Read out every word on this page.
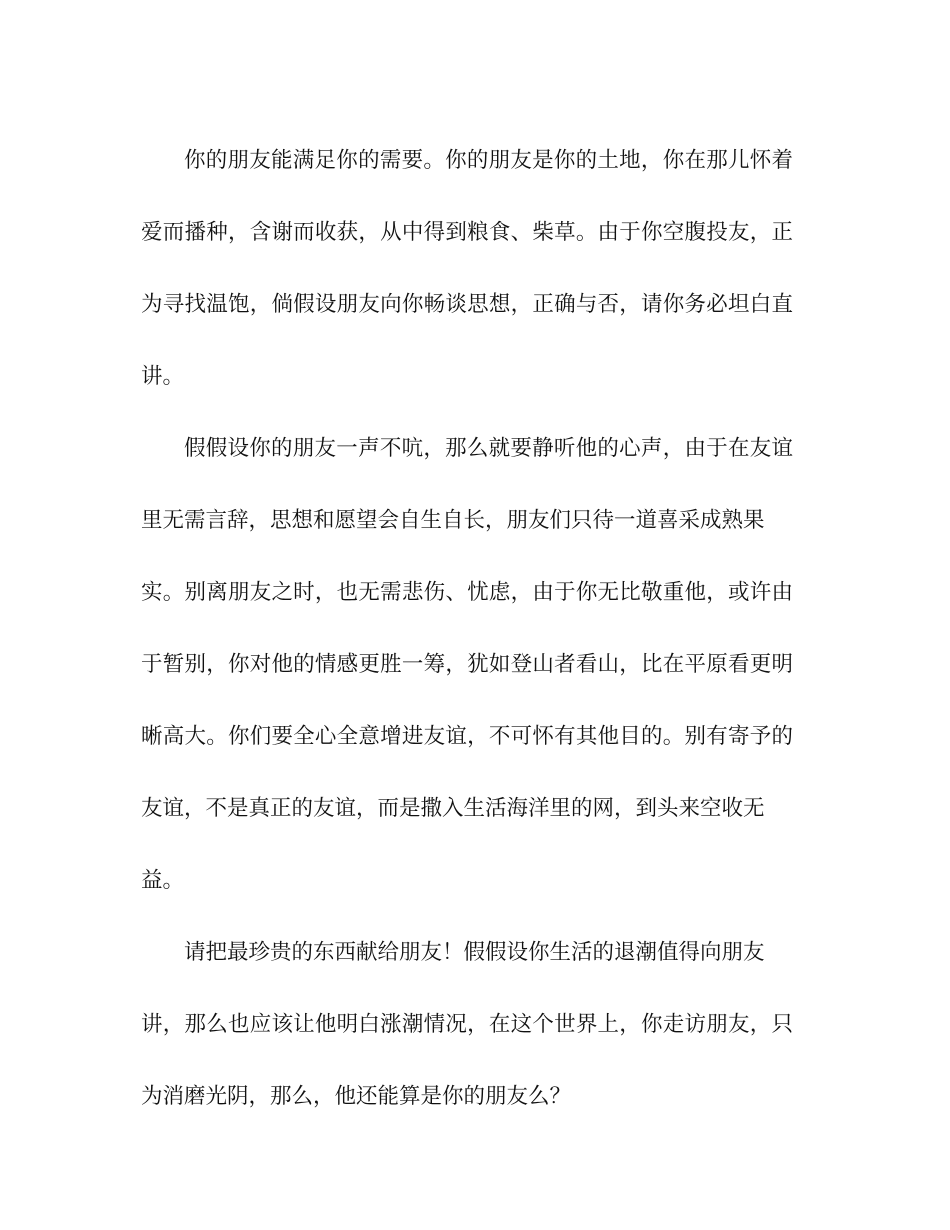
你的朋友能满足你的需要。你的朋友是你的土地，你在那儿怀着
爱而播种，含谢而收获，从中得到粮食、柴草。由于你空腹投友，正
为寻找温饱，倘假设朋友向你畅谈思想，正确与否，请你务必坦白直
讲。
假假设你的朋友一声不吭，那么就要静听他的心声，由于在友谊
里无需言辞，思想和愿望会自生自长，朋友们只待一道喜采成熟果
实。别离朋友之时，也无需悲伤、忧虑，由于你无比敬重他，或许由
于暂别，你对他的情感更胜一筹，犹如登山者看山，比在平原看更明
晰高大。你们要全心全意增进友谊，不可怀有其他目的。别有寄予的
友谊，不是真正的友谊，而是撒入生活海洋里的网，到头来空收无
益。
请把最珍贵的东西献给朋友！假假设你生活的退潮值得向朋友
讲，那么也应该让他明白涨潮情况，在这个世界上，你走访朋友，只
为消磨光阴，那么，他还能算是你的朋友么？
